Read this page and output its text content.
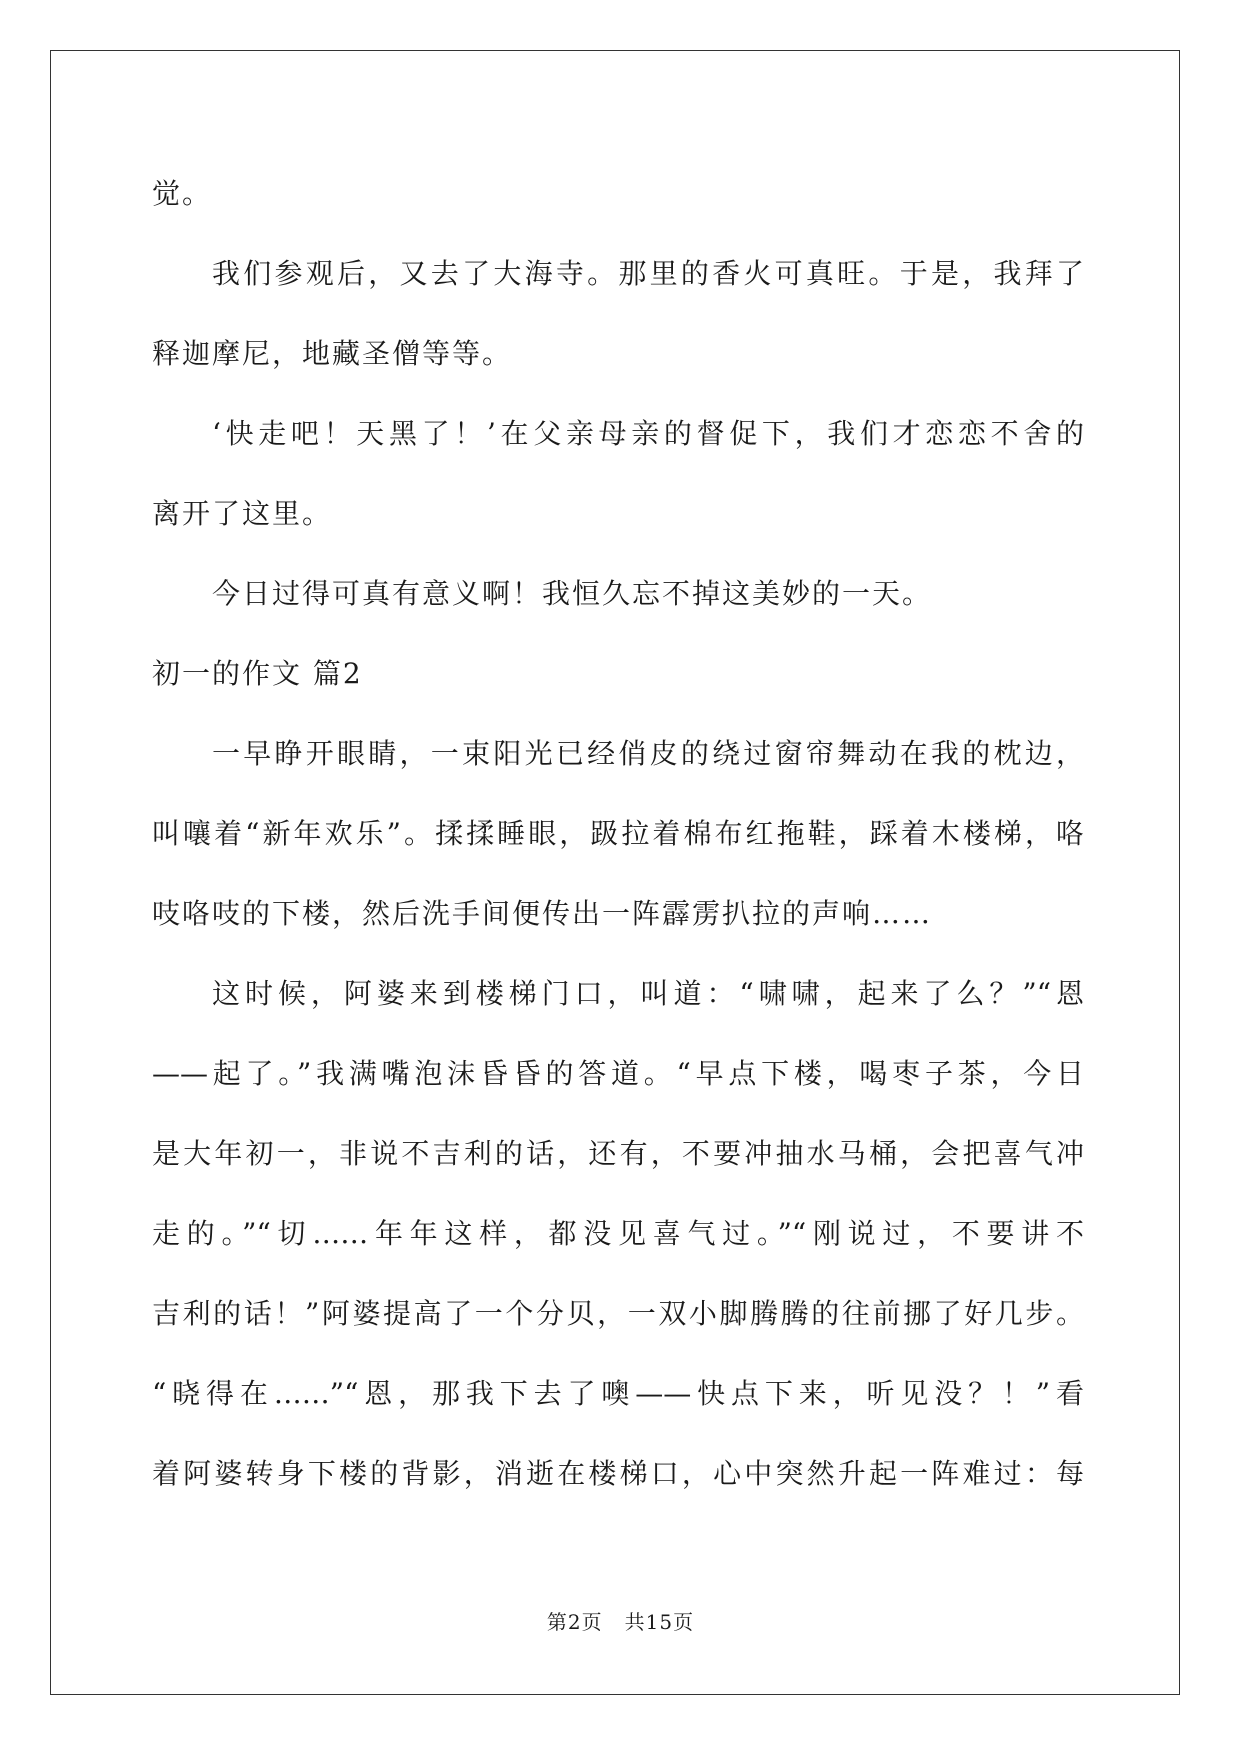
觉。
我们参观后，又去了大海寺。那里的香火可真旺。于是，我拜了
释迦摩尼，地藏圣僧等等。
‘快走吧！天黑了！’在父亲母亲的督促下，我们才恋恋不舍的
离开了这里。
今日过得可真有意义啊！我恒久忘不掉这美妙的一天。
初一的作文 篇2
一早睁开眼睛，一束阳光已经俏皮的绕过窗帘舞动在我的枕边，
叫嚷着“新年欢乐”。揉揉睡眼，趿拉着棉布红拖鞋，踩着木楼梯，咯
吱咯吱的下楼，然后洗手间便传出一阵霹雳扒拉的声响……
这时候，阿婆来到楼梯门口，叫道：“啸啸，起来了么？”“恩
——起了。”我满嘴泡沫昏昏的答道。“早点下楼，喝枣子茶，今日
是大年初一，非说不吉利的话，还有，不要冲抽水马桶，会把喜气冲
走的。”“切……年年这样，都没见喜气过。”“刚说过，不要讲不
吉利的话！”阿婆提高了一个分贝，一双小脚腾腾的往前挪了好几步。
“晓得在……”“恩，那我下去了噢——快点下来，听见没？！”看
着阿婆转身下楼的背影，消逝在楼梯口，心中突然升起一阵难过：每
第2页 共15页
